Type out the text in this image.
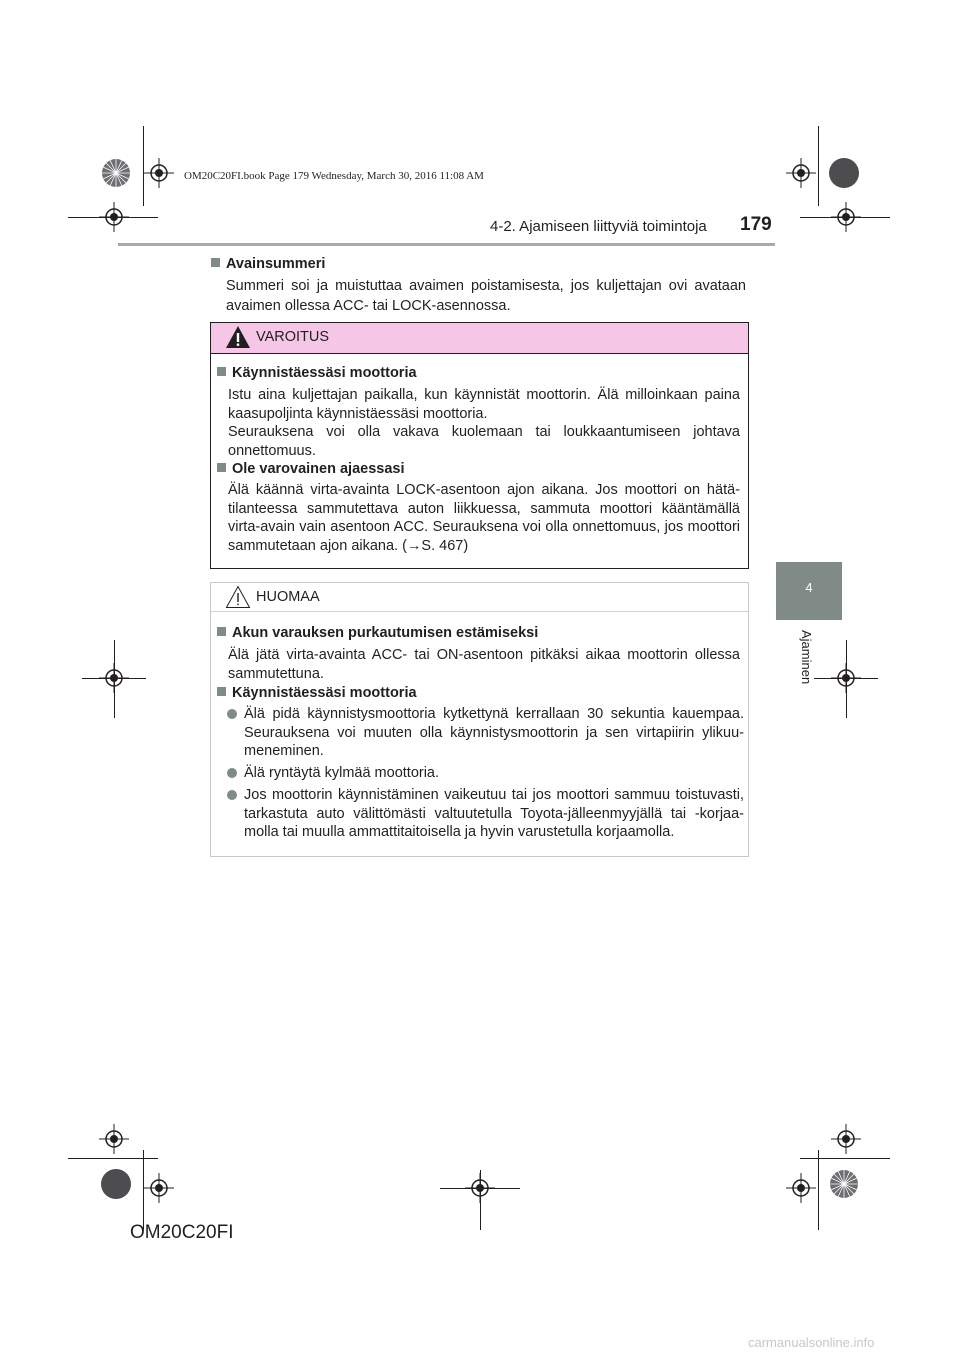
OM20C20FI.book Page 179 Wednesday, March 30, 2016 11:08 AM
4-2. Ajamiseen liittyviä toimintoja 179
4
Ajaminen
Avainsummeri
Summeri soi ja muistuttaa avaimen poistamisesta, jos kuljettajan ovi avataan avaimen ollessa ACC- tai LOCK-asennossa.
VAROITUS
Käynnistäessäsi moottoria
Istu aina kuljettajan paikalla, kun käynnistät moottorin. Älä milloinkaan paina kaasupoljinta käynnistäessäsi moottoria.
Seurauksena voi olla vakava kuolemaan tai loukkaantumiseen johtava onnettomuus.
Ole varovainen ajaessasi
Älä käännä virta-avainta LOCK-asentoon ajon aikana. Jos moottori on hätä-tilanteessa sammutettava auton liikkuessa, sammuta moottori kääntämällä virta-avain vain asentoon ACC. Seurauksena voi olla onnettomuus, jos moottori sammutetaan ajon aikana. (→S. 467)
HUOMAA
Akun varauksen purkautumisen estämiseksi
Älä jätä virta-avainta ACC- tai ON-asentoon pitkäksi aikaa moottorin ollessa sammutettuna.
Käynnistäessäsi moottoria
Älä pidä käynnistysmoottoria kytkettynä kerrallaan 30 sekuntia kauempaa. Seurauksena voi muuten olla käynnistysmoottorin ja sen virtapiirin ylikuu-meneminen.
Älä ryntäytä kylmää moottoria.
Jos moottorin käynnistäminen vaikeutuu tai jos moottori sammuu toistuvasti, tarkastuta auto välittömästi valtuutetulla Toyota-jälleenmyyjällä tai -korjaa-molla tai muulla ammattitaitoisella ja hyvin varustetulla korjaamolla.
OM20C20FI
carmanualsonline.info
